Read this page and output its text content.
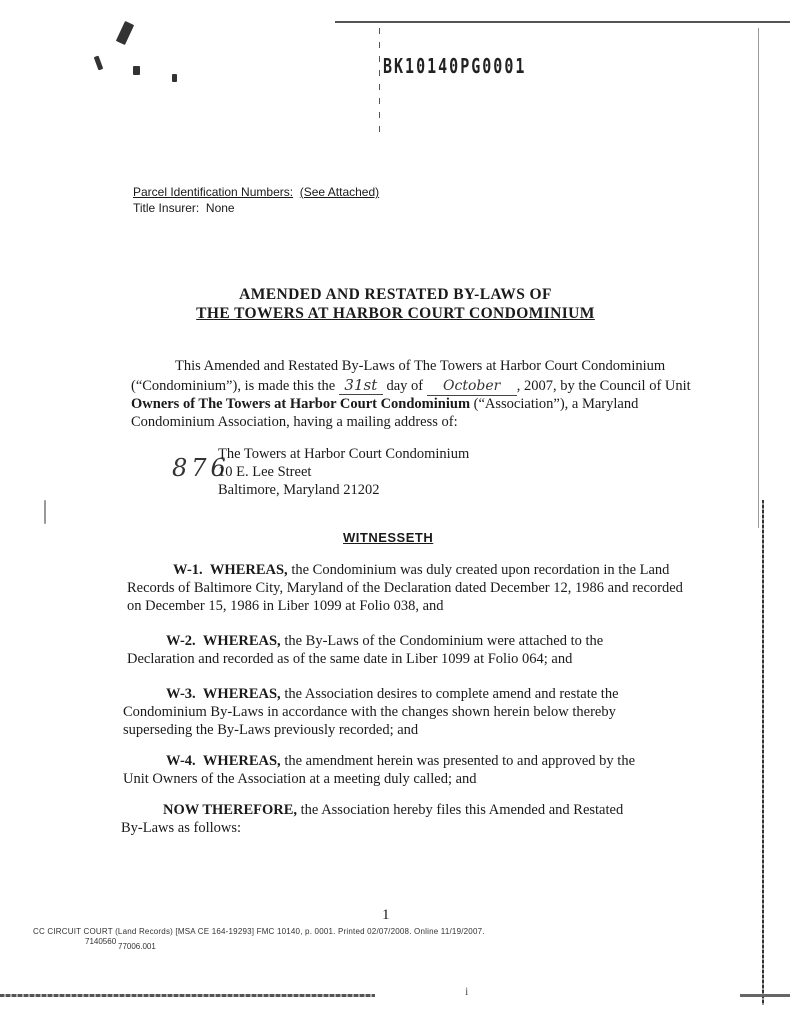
BK10140PG0001
Parcel Identification Numbers: (See Attached)
Title Insurer: None
AMENDED AND RESTATED BY-LAWS OF
THE TOWERS AT HARBOR COURT CONDOMINIUM
This Amended and Restated By-Laws of The Towers at Harbor Court Condominium
(“Condominium”), is made this the 31st day of October , 2007, by the Council of Unit
Owners of The Towers at Harbor Court Condominium (“Association”), a Maryland
Condominium Association, having a mailing address of:
876
The Towers at Harbor Court Condominium
10 E. Lee Street
Baltimore, Maryland 21202
WITNESSETH
W-1. WHEREAS, the Condominium was duly created upon recordation in the Land
Records of Baltimore City, Maryland of the Declaration dated December 12, 1986 and recorded
on December 15, 1986 in Liber 1099 at Folio 038, and
W-2. WHEREAS, the By-Laws of the Condominium were attached to the
Declaration and recorded as of the same date in Liber 1099 at Folio 064; and
W-3. WHEREAS, the Association desires to complete amend and restate the
Condominium By-Laws in accordance with the changes shown herein below thereby
superseding the By-Laws previously recorded; and
W-4. WHEREAS, the amendment herein was presented to and approved by the
Unit Owners of the Association at a meeting duly called; and
NOW THEREFORE, the Association hereby files this Amended and Restated
By-Laws as follows:
1
CC CIRCUIT COURT (Land Records) [MSA CE 164-19293] FMC 10140, p. 0001. Printed 02/07/2008. Online 11/19/2007.
7140560
77006.001
i
